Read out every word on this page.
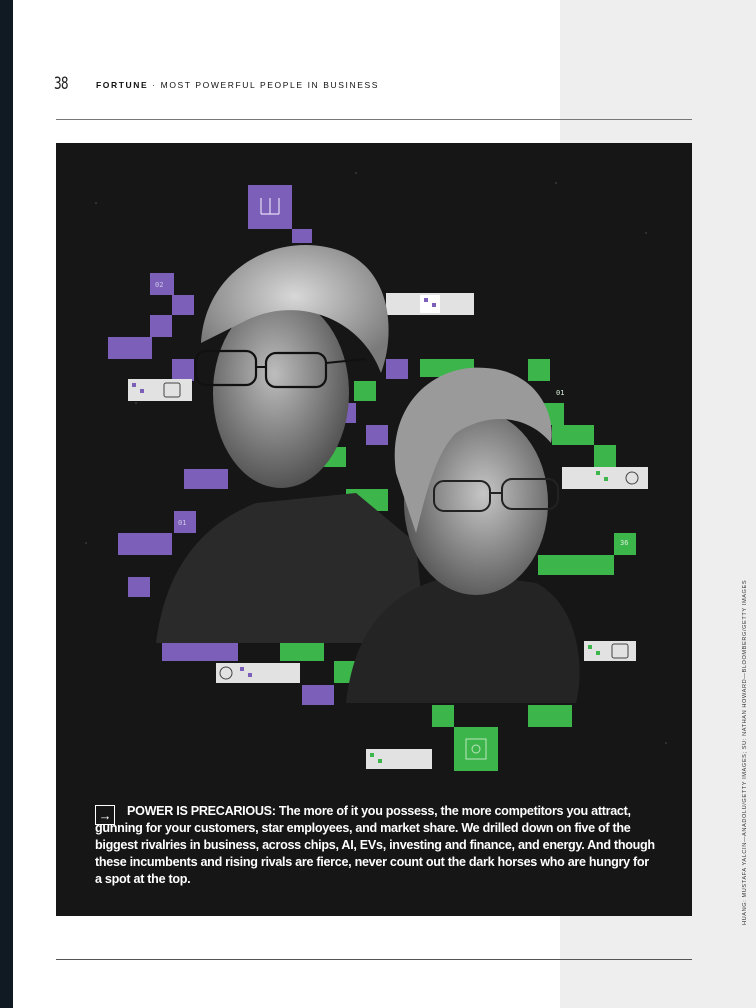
38	FORTUNE · MOST POWERFUL PEOPLE IN BUSINESS
02
01
01
36
→	POWER IS PRECARIOUS: The more of it you possess, the more competitors you attract, gunning for your customers, star employees, and market share. We drilled down on five of the biggest rivalries in business, across chips, AI, EVs, investing and finance, and energy. And though these incumbents and rising rivals are fierce, never count out the dark horses who are hungry for a spot at the top.	HUANG: MUSTAFA YALCIN—ANADOLU/GETTY IMAGES; SU: NATHAN HOWARD—BLOOMBERG/GETTY IMAGES
